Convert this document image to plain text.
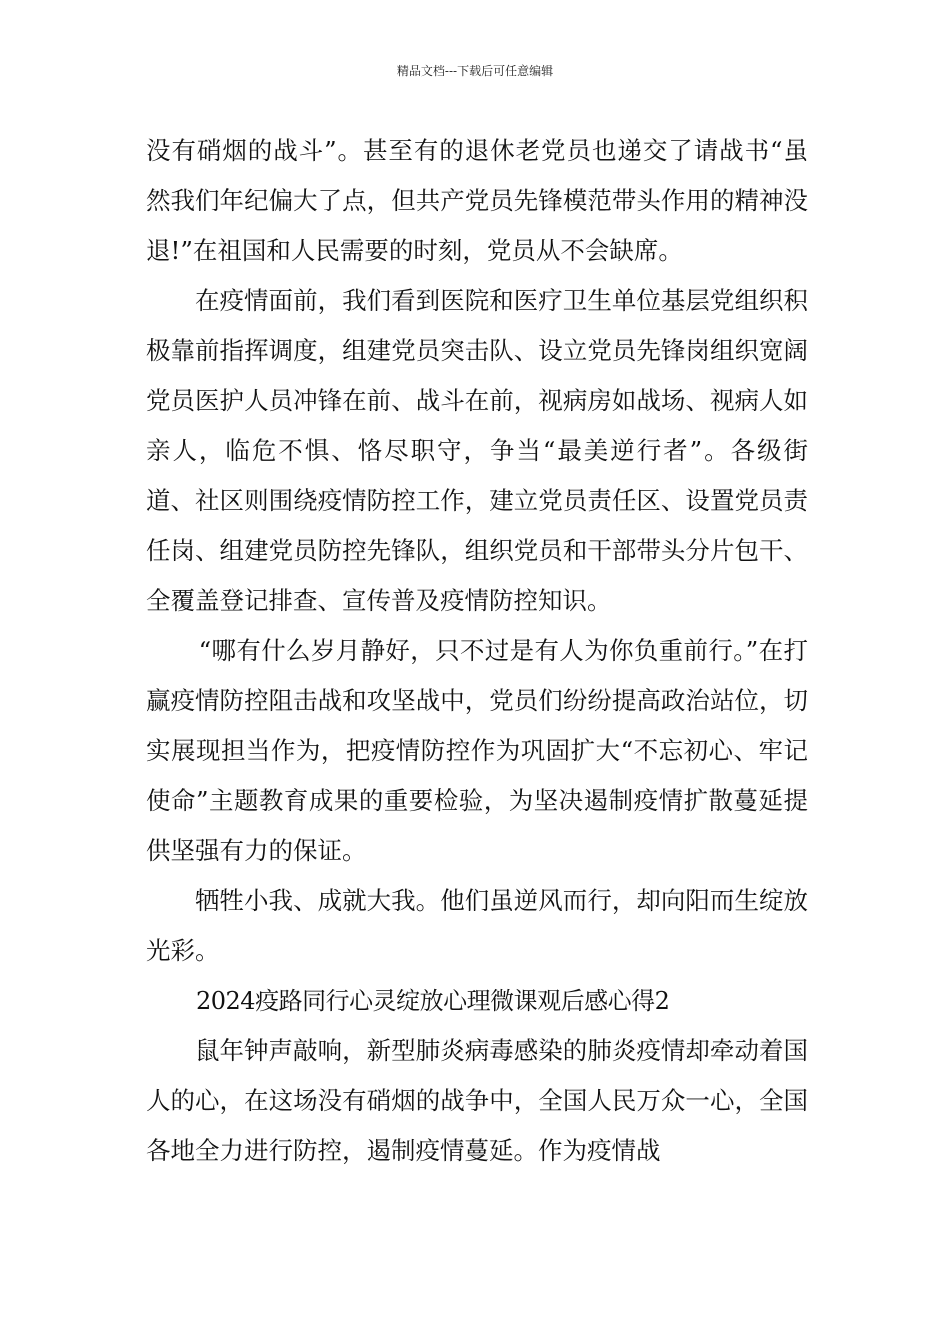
精品文档---下载后可任意编辑

没有硝烟的战斗”。甚至有的退休老党员也递交了请战书“虽然我们年纪偏大了点，但共产党员先锋模范带头作用的精神没退!”在祖国和人民需要的时刻，党员从不会缺席。

在疫情面前，我们看到医院和医疗卫生单位基层党组织积极靠前指挥调度，组建党员突击队、设立党员先锋岗组织宽阔党员医护人员冲锋在前、战斗在前，视病房如战场、视病人如亲人，临危不惧、恪尽职守，争当“最美逆行者”。各级街道、社区则围绕疫情防控工作，建立党员责任区、设置党员责任岗、组建党员防控先锋队，组织党员和干部带头分片包干、全覆盖登记排查、宣传普及疫情防控知识。

“哪有什么岁月静好，只不过是有人为你负重前行。”在打赢疫情防控阻击战和攻坚战中，党员们纷纷提高政治站位，切实展现担当作为，把疫情防控作为巩固扩大“不忘初心、牢记使命”主题教育成果的重要检验，为坚决遏制疫情扩散蔓延提供坚强有力的保证。

牺牲小我、成就大我。他们虽逆风而行，却向阳而生绽放光彩。

2024疫路同行心灵绽放心理微课观后感心得2

鼠年钟声敲响，新型肺炎病毒感染的肺炎疫情却牵动着国人的心，在这场没有硝烟的战争中，全国人民万众一心，全国各地全力进行防控，遏制疫情蔓延。作为疫情战
